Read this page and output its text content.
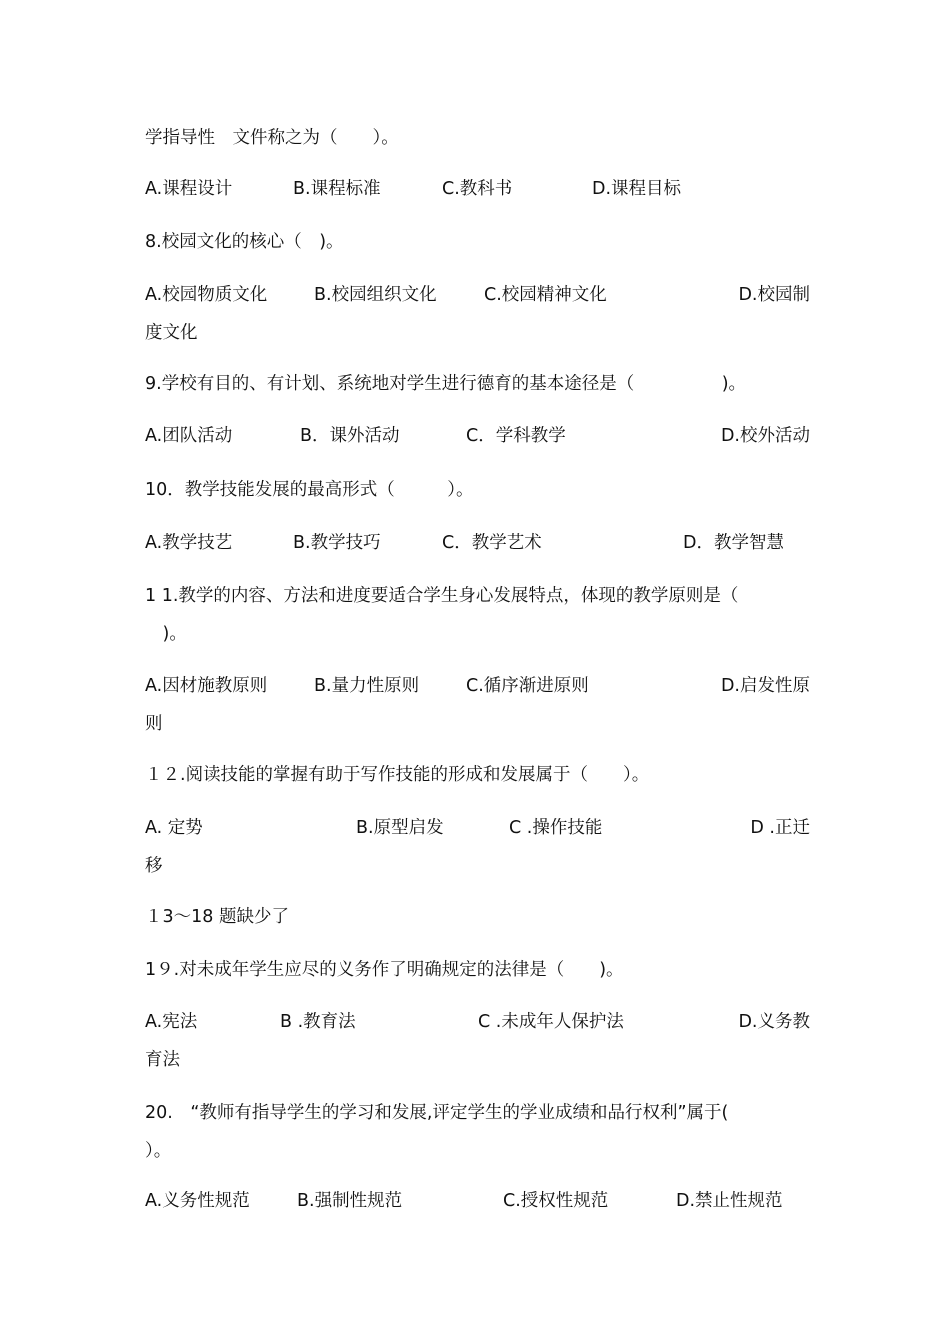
学指导性　文件称之为（　　）。
A.课程设计	B.课程标准	C.教科书	D.课程目标
8.校园文化的核心（　)。
A.校园物质文化	B.校园组织文化	C.校园精神文化	D.校园制
度文化
9.学校有目的、有计划、系统地对学生进行德育的基本途径是（　　　　　)。
A.团队活动	B．课外活动	C．学科教学	D.校外活动
10．教学技能发展的最高形式（　　　）。
A.教学技艺	B.教学技巧	C．教学艺术	D．教学智慧
1 1.教学的内容、方法和进度要适合学生身心发展特点，体现的教学原则是（
　)。
A.因材施教原则	B.量力性原则	C.循序渐进原则	D.启发性原
则
１２.阅读技能的掌握有助于写作技能的形成和发展属于（　　）。
A. 定势	B.原型启发	C .操作技能	D .正迁
移
１3～18 题缺少了
1９.对未成年学生应尽的义务作了明确规定的法律是（　　)。
A.宪法	B .教育法	C .未成年人保护法	D.义务教
育法
20.　“教师有指导学生的学习和发展,评定学生的学业成绩和品行权利”属于(
）。
A.义务性规范	B.强制性规范	C.授权性规范	D.禁止性规范
